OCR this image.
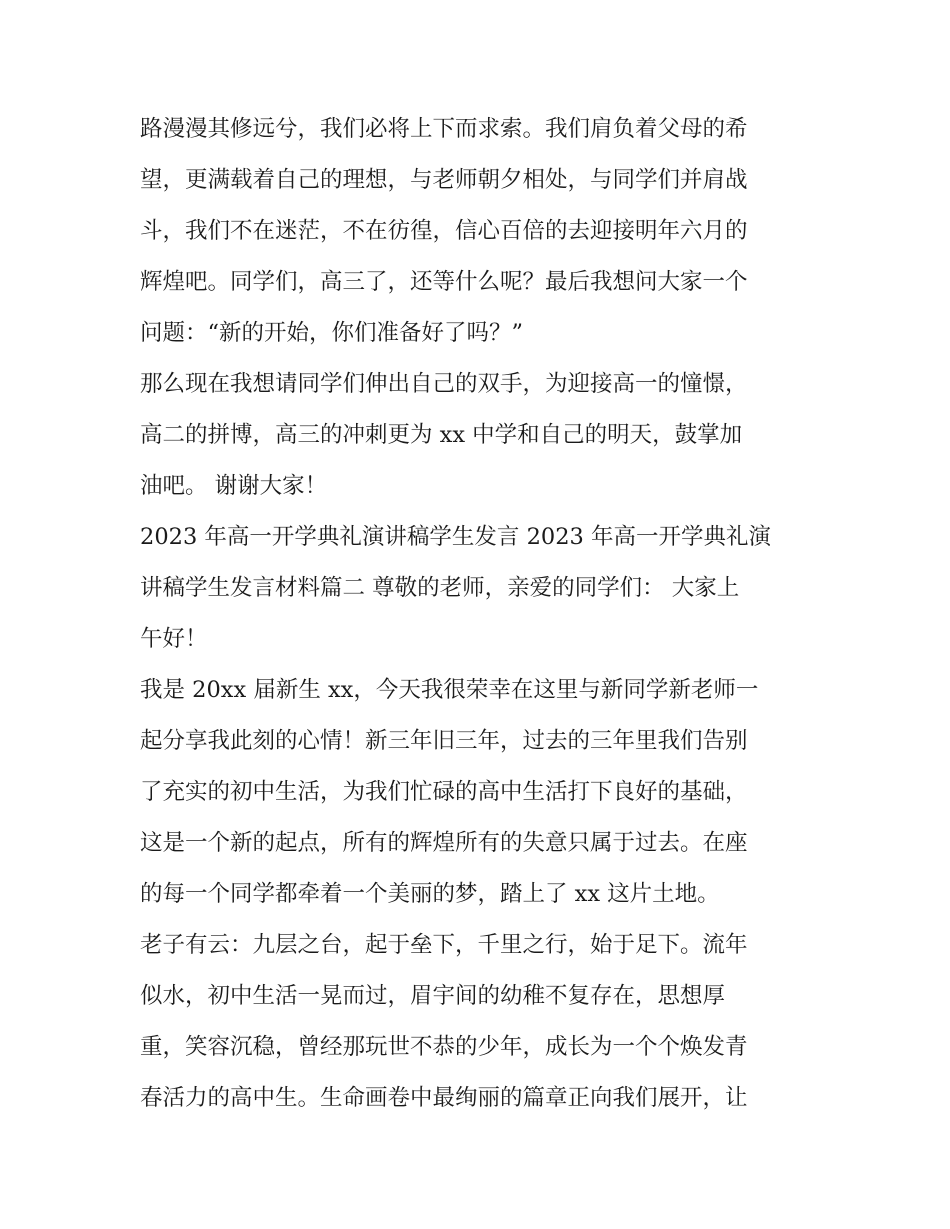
路漫漫其修远兮，我们必将上下而求索。我们肩负着父母的希
望，更满载着自己的理想，与老师朝夕相处，与同学们并肩战
斗，我们不在迷茫，不在彷徨，信心百倍的去迎接明年六月的
辉煌吧。同学们，高三了，还等什么呢？最后我想问大家一个
问题：“新的开始，你们准备好了吗？”
那么现在我想请同学们伸出自己的双手，为迎接高一的憧憬，
高二的拼博，高三的冲刺更为 xx 中学和自己的明天，鼓掌加
油吧。 谢谢大家！
2023 年高一开学典礼演讲稿学生发言 2023 年高一开学典礼演
讲稿学生发言材料篇二 尊敬的老师，亲爱的同学们： 大家上
午好！
我是 20xx 届新生 xx，今天我很荣幸在这里与新同学新老师一
起分享我此刻的心情！新三年旧三年，过去的三年里我们告别
了充实的初中生活，为我们忙碌的高中生活打下良好的基础，
这是一个新的起点，所有的辉煌所有的失意只属于过去。在座
的每一个同学都牵着一个美丽的梦，踏上了 xx 这片土地。
老子有云：九层之台，起于垒下，千里之行，始于足下。流年
似水，初中生活一晃而过，眉宇间的幼稚不复存在，思想厚
重，笑容沉稳，曾经那玩世不恭的少年，成长为一个个焕发青
春活力的高中生。生命画卷中最绚丽的篇章正向我们展开，让
